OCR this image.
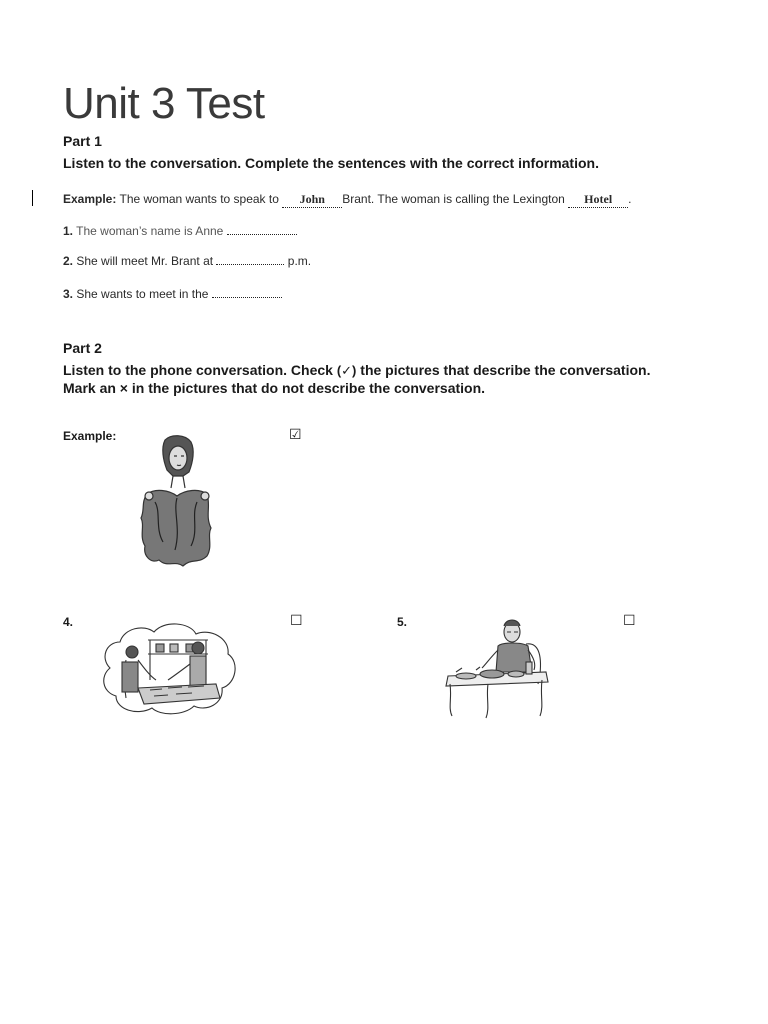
Unit 3 Test
Part 1
Listen to the conversation. Complete the sentences with the correct information.
Example: The woman wants to speak to John Brant. The woman is calling the Lexington Hotel .
1. The woman’s name is Anne
2. She will meet Mr. Brant at	p.m.
3. She wants to meet in the
Part 2
Listen to the phone conversation. Check (✓) the pictures that describe the conversation.
Mark an × in the pictures that do not describe the conversation.
Example:	☑
4.	☐	5.	☐
